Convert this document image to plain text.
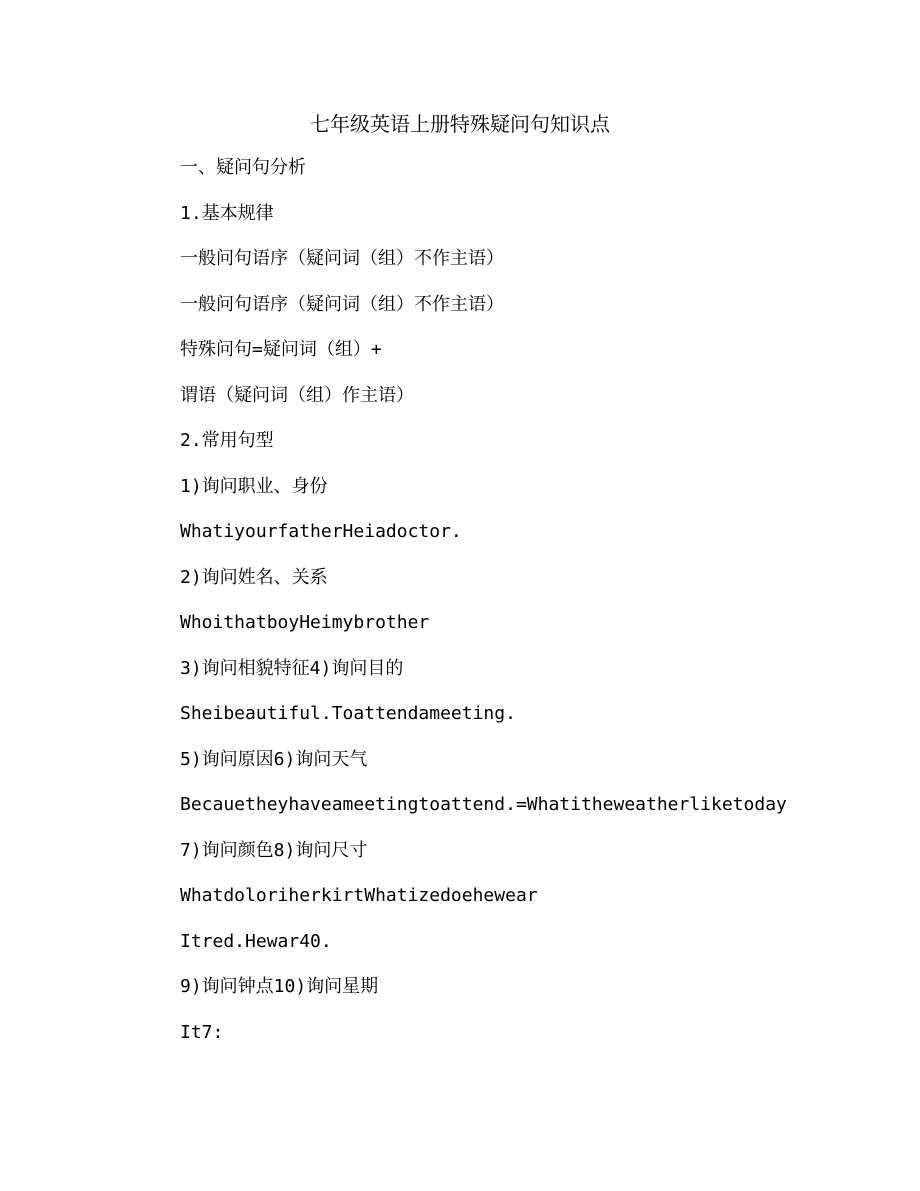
七年级英语上册特殊疑问句知识点
一、疑问句分析
1.基本规律
一般问句语序（疑问词（组）不作主语）
一般问句语序（疑问词（组）不作主语）
特殊问句=疑问词（组）+
谓语（疑问词（组）作主语）
2.常用句型
1)询问职业、身份
WhatiyourfatherHeiadoctor.
2)询问姓名、关系
WhoithatboyHeimybrother
3)询问相貌特征4)询问目的
Sheibeautiful.Toattendameeting.
5)询问原因6)询问天气
Becauetheyhaveameetingtoattend.=Whatitheweatherliketoday
7)询问颜色8)询问尺寸
WhatdoloriherkirtWhatizedoehewear
Itred.Hewar40.
9)询问钟点10)询问星期
It7:
